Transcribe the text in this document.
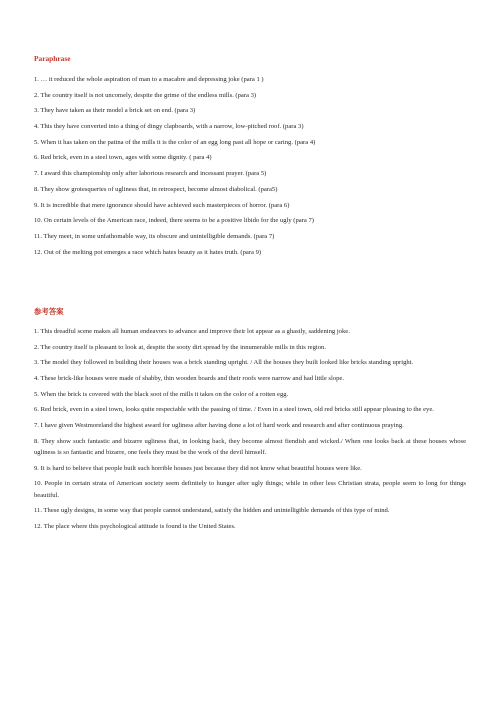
Paraphrase
1. … it reduced the whole aspiration of man to a macabre and depressing joke (para 1 )
2. The country itself is not uncomely, despite the grime of the endless mills. (para 3)
3. They have taken as their model a brick set on end. (para 3)
4. This they have converted into a thing of dingy clapboards, with a narrow, low-pitched roof. (para 3)
5. When it has taken on the patina of the mills it is the color of an egg long past all hope or caring. (para 4)
6. Red brick, even in a steel town, ages with some dignity. ( para 4)
7. I award this championship only after laborious research and incessant prayer. (para 5)
8. They show grotesqueries of ugliness that, in retrospect, become almost diabolical. (para5)
9. It is incredible that mere ignorance should have achieved such masterpieces of horror. (para 6)
10. On certain levels of the American race, indeed, there seems to be a positive libido for the ugly (para 7)
11. They meet, in some unfathomable way, its obscure and unintelligible demands. (para 7)
12. Out of the melting pot emerges a race which hates beauty as it hates truth. (para 9)
参考答案
1. This dreadful scene makes all human endeavors to advance and improve their lot appear as a ghastly, saddening joke.
2. The country itself is pleasant to look at, despite the sooty dirt spread by the innumerable mills in this region.
3. The model they followed in building their houses was a brick standing upright. / All the houses they built looked like bricks standing upright.
4. These brick-like houses were made of shabby, thin wooden boards and their roofs were narrow and had little slope.
5. When the brick is covered with the black soot of the mills it takes on the color of a rotten egg.
6. Red brick, even in a steel town, looks quite respectable with the passing of time. / Even in a steel town, old red bricks still appear pleasing to the eye.
7. I have given Westmoreland the highest award for ugliness after having done a lot of hard work and research and after continuous praying.
8. They show such fantastic and bizarre ugliness that, in looking back, they become almost fiendish and wicked./ When one looks back at these houses whose ugliness is so fantastic and bizarre, one feels they must be the work of the devil himself.
9. It is hard to believe that people built such horrible houses just because they did not know what beautiful houses were like.
10. People in certain strata of American society seem definitely to hunger after ugly things; while in other less Christian strata, people seem to long for things beautiful.
11. These ugly designs, in some way that people cannot understand, satisfy the hidden and unintelligible demands of this type of mind.
12. The place where this psychological attitude is found is the United States.
